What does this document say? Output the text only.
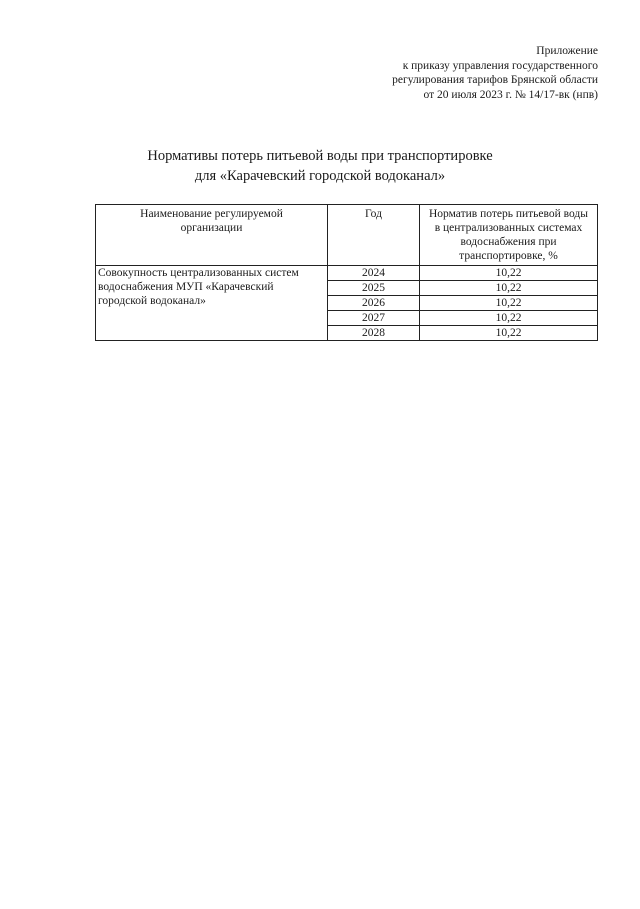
Приложение
к приказу управления государственного
регулирования тарифов Брянской области
от 20 июля 2023 г. № 14/17-вк (нпв)
Нормативы потерь питьевой воды при транспортировке
для «Карачевский городской водоканал»
Наименование регулируемой организации	Год	Норматив потерь питьевой воды в централизованных системах водоснабжения при транспортировке, %

Совокупность централизованных систем водоснабжения МУП «Карачевский городской водоканал»	2024	10,22
	2025	10,22
	2026	10,22
	2027	10,22
	2028	10,22
